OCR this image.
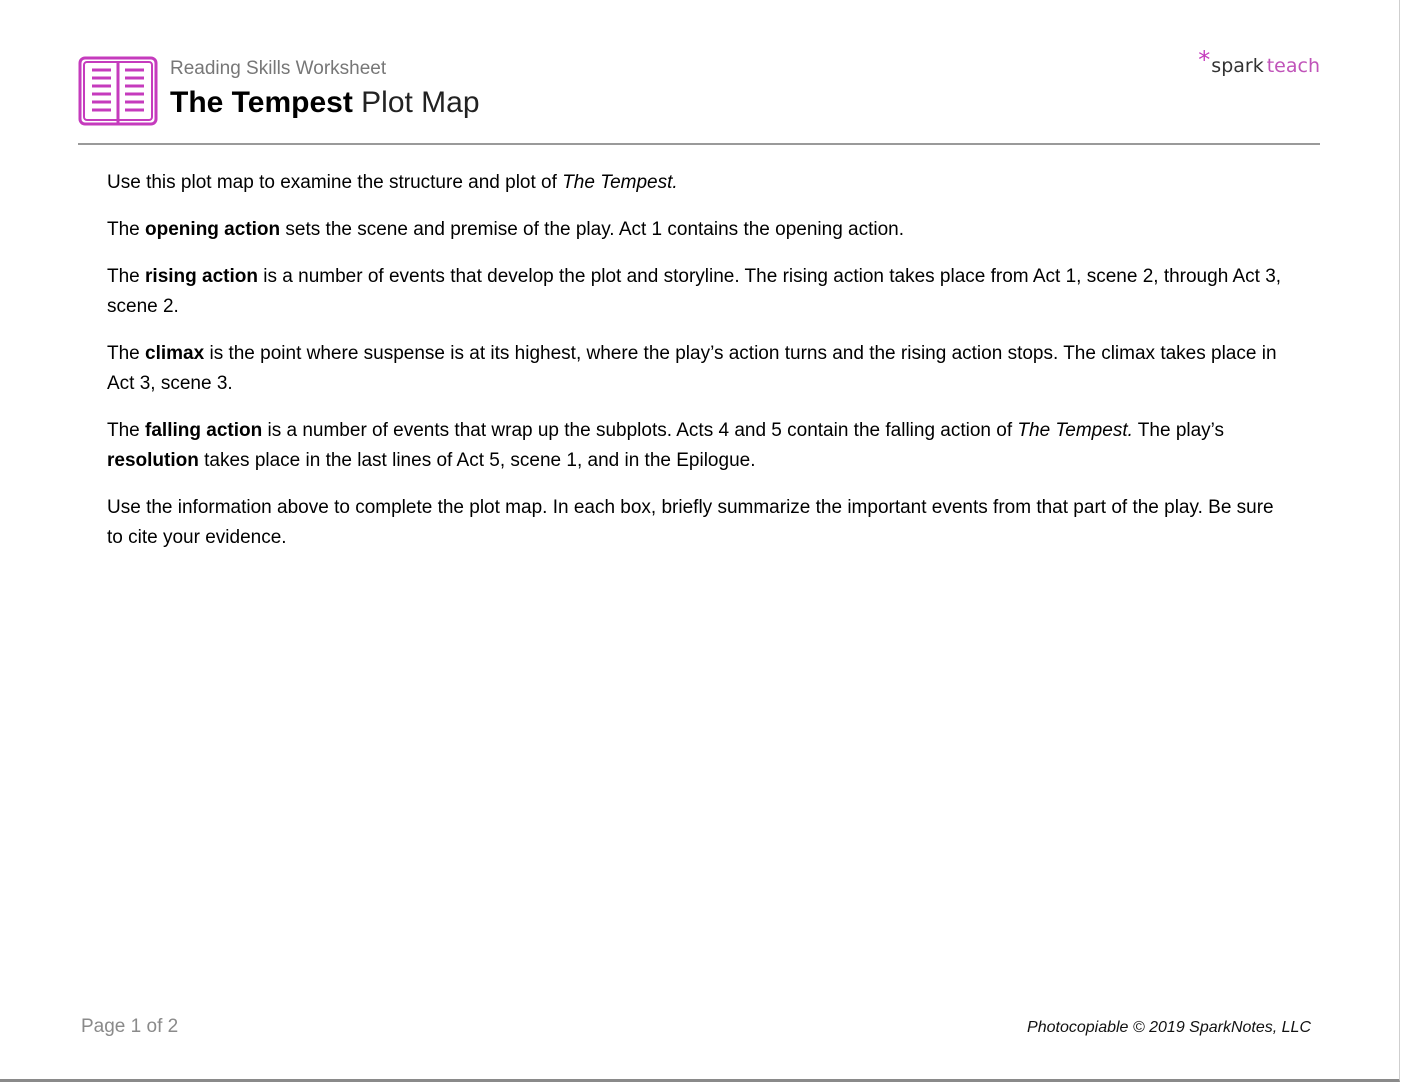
Reading Skills Worksheet

The Tempest Plot Map
*spark teach

Use this plot map to examine the structure and plot of The Tempest.

The opening action sets the scene and premise of the play. Act 1 contains the opening action.

The rising action is a number of events that develop the plot and storyline. The rising action takes place from Act 1, scene 2, through Act 3, scene 2.

The climax is the point where suspense is at its highest, where the play’s action turns and the rising action stops. The climax takes place in Act 3, scene 3.

The falling action is a number of events that wrap up the subplots. Acts 4 and 5 contain the falling action of The Tempest. The play’s resolution takes place in the last lines of Act 5, scene 1, and in the Epilogue.

Use the information above to complete the plot map. In each box, briefly summarize the important events from that part of the play. Be sure to cite your evidence.

Page 1 of 2	Photocopiable © 2019 SparkNotes, LLC
